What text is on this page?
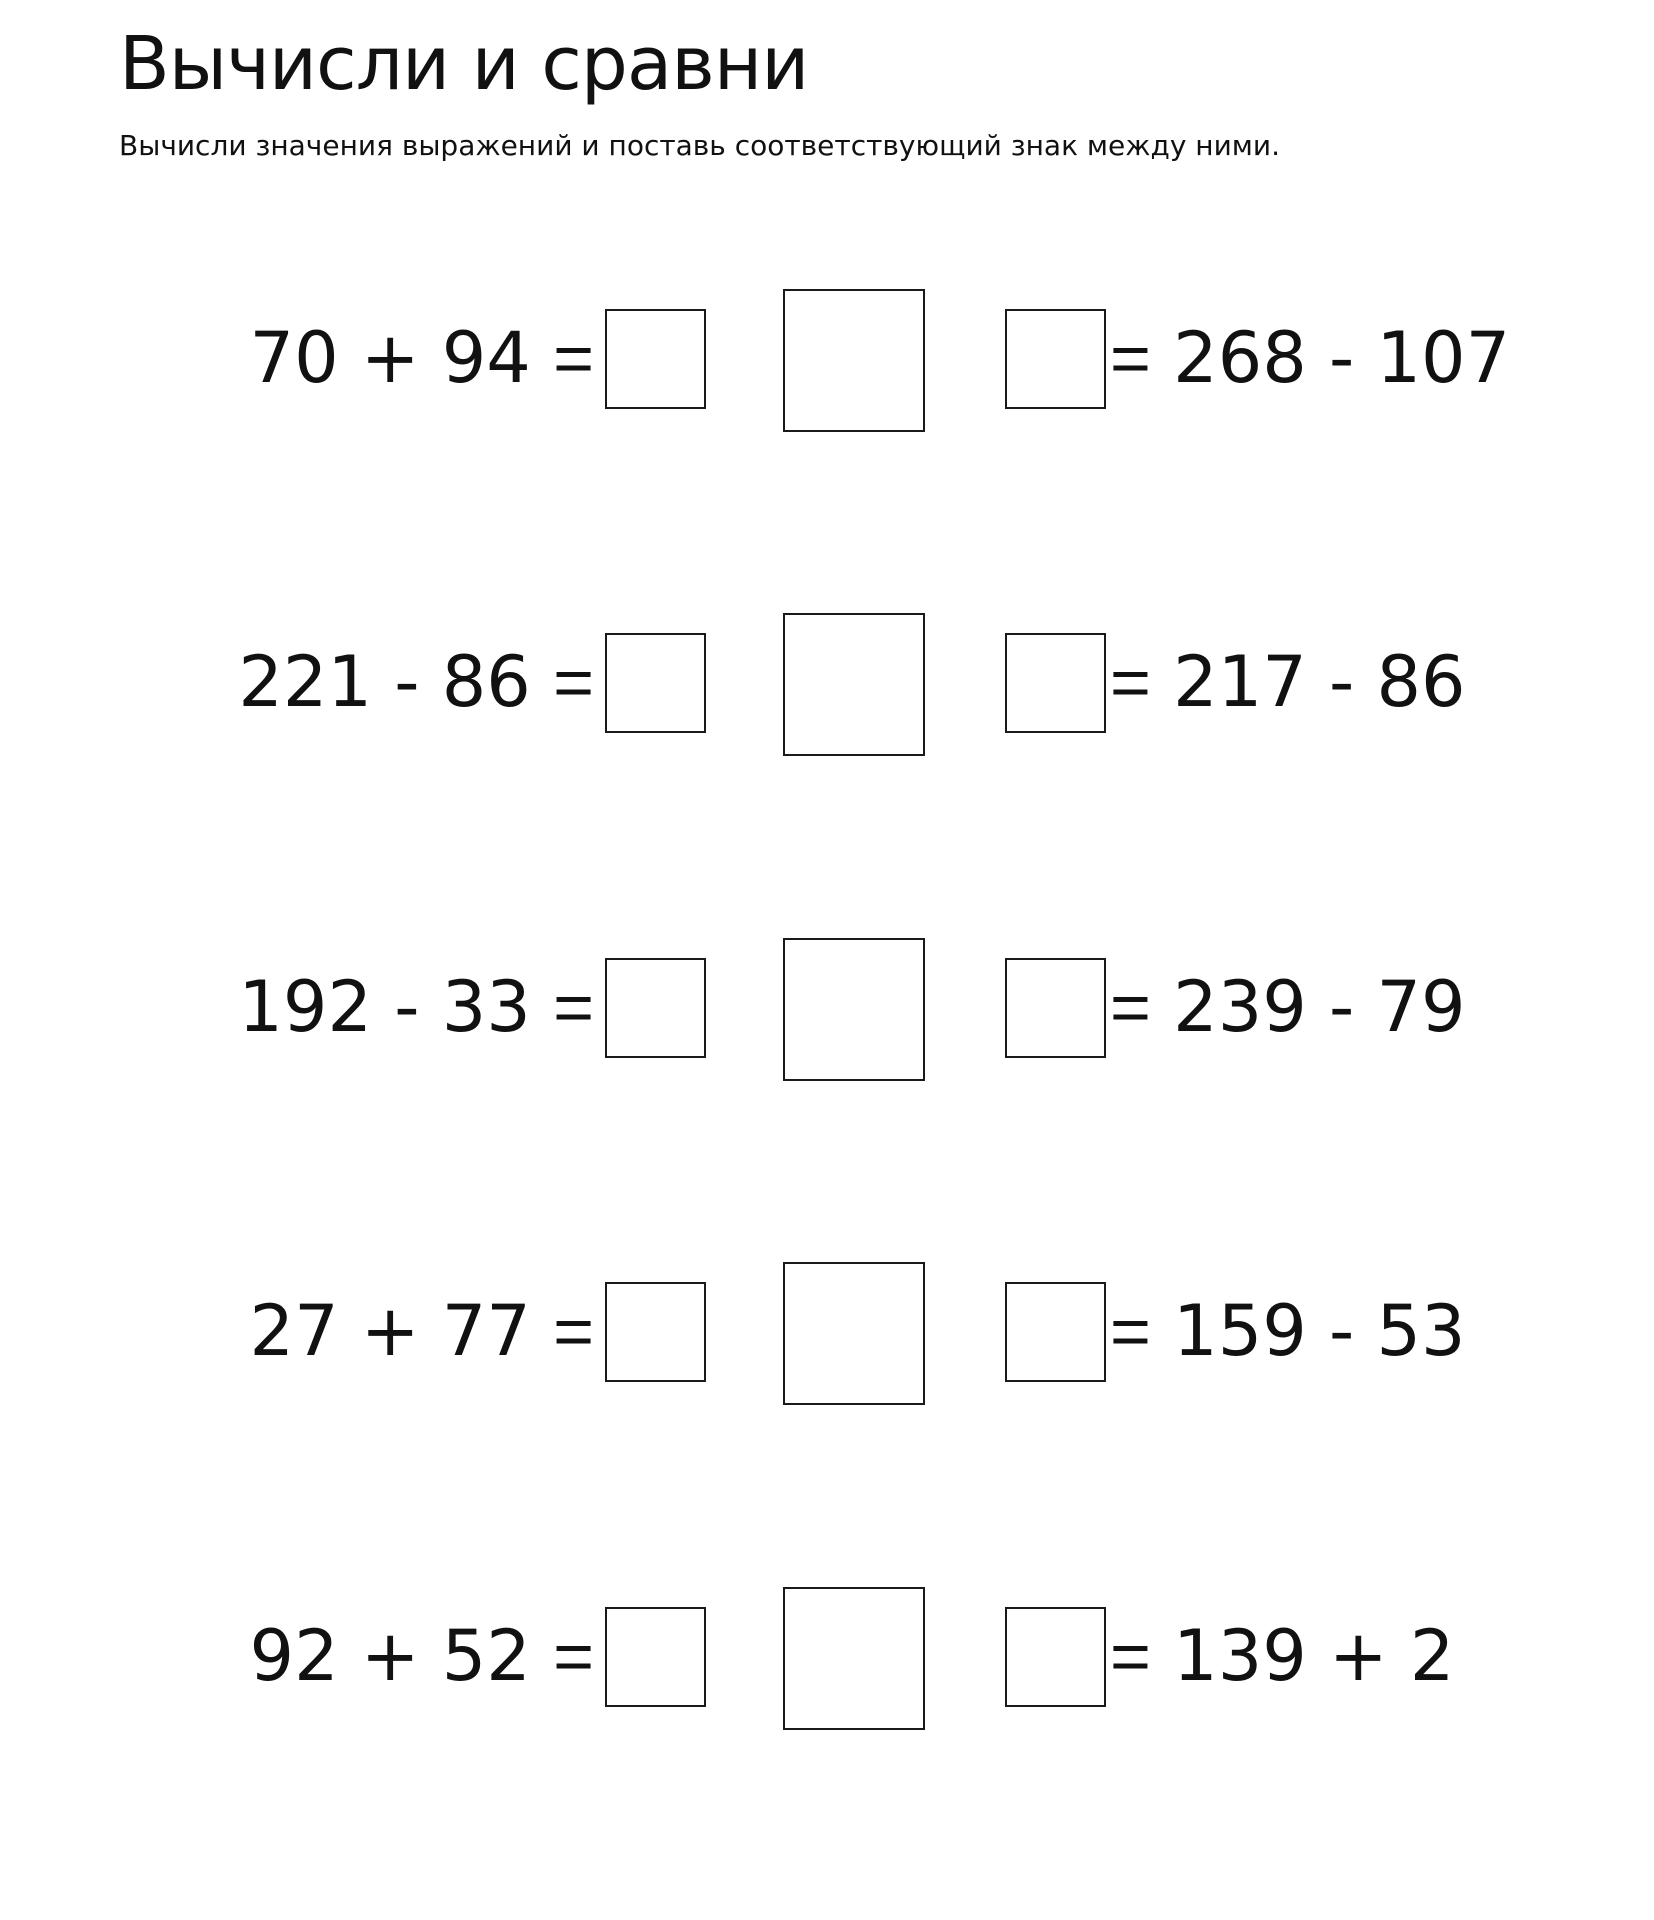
Вычисли и сравни

Вычисли значения выражений и поставь соответствующий знак между ними.

70 + 94 =	= 268 - 107
221 - 86 =	= 217 - 86
192 - 33 =	= 239 - 79
27 + 77 =	= 159 - 53
92 + 52 =	= 139 + 2
